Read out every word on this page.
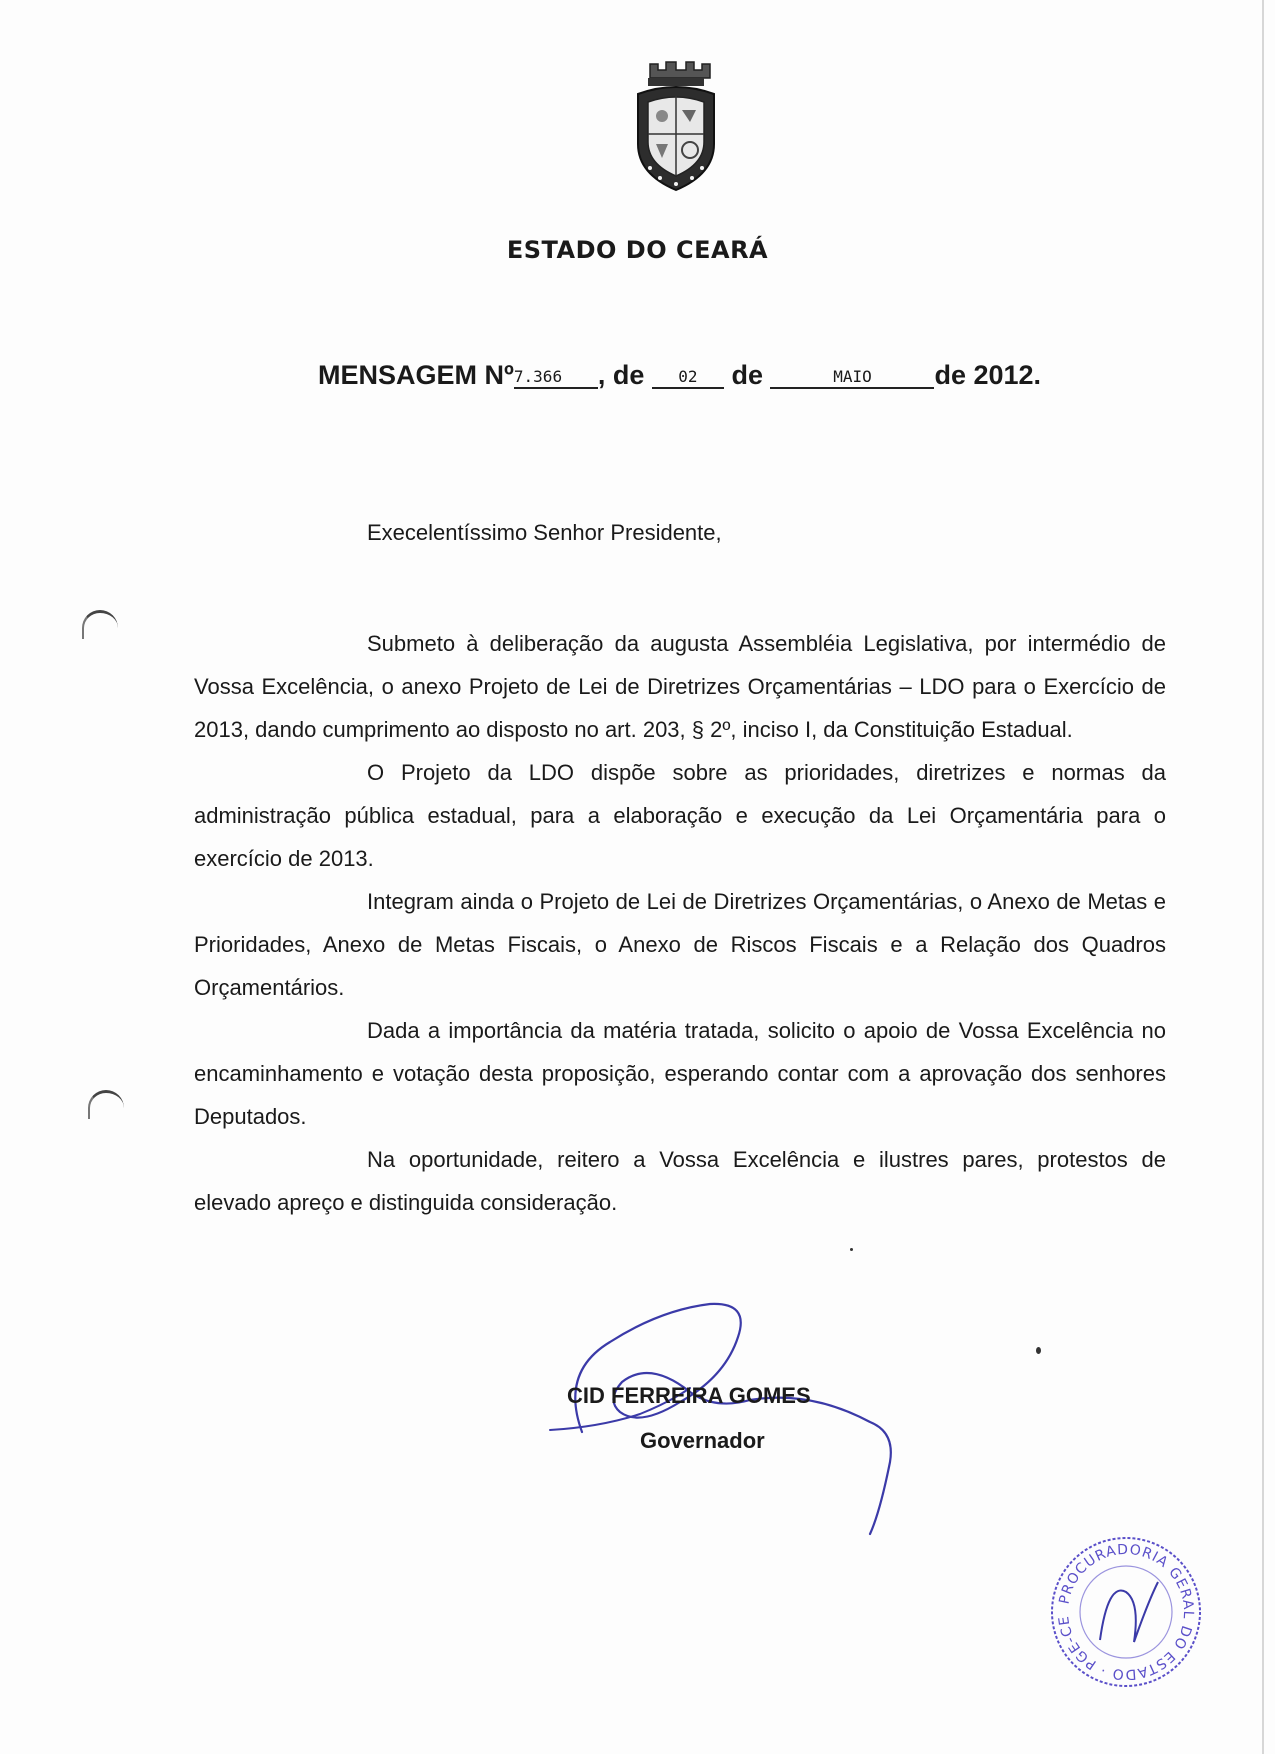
ESTADO DO CEARÁ
MENSAGEM Nº7.366 , de 02 de	MAIO de 2012.

Execelentíssimo Senhor Presidente,

Submeto à deliberação da augusta Assembléia Legislativa, por intermédio de Vossa Excelência, o anexo Projeto de Lei de Diretrizes Orçamentárias – LDO para o Exercício de 2013, dando cumprimento ao disposto no art. 203, § 2º, inciso I, da Constituição Estadual.

O Projeto da LDO dispõe sobre as prioridades, diretrizes e normas da administração pública estadual, para a elaboração e execução da Lei Orçamentária para o exercício de 2013.

Integram ainda o Projeto de Lei de Diretrizes Orçamentárias, o Anexo de Metas e Prioridades, Anexo de Metas Fiscais, o Anexo de Riscos Fiscais e a Relação dos Quadros Orçamentários.

Dada a importância da matéria tratada, solicito o apoio de Vossa Excelência no encaminhamento e votação desta proposição, esperando contar com a aprovação dos senhores Deputados.

Na oportunidade, reitero a Vossa Excelência e ilustres pares, protestos de elevado apreço e distinguida consideração.

CID FERREIRA GOMES

Governador

PROCURADORIA GERAL DO ESTADO · PGE-CE
